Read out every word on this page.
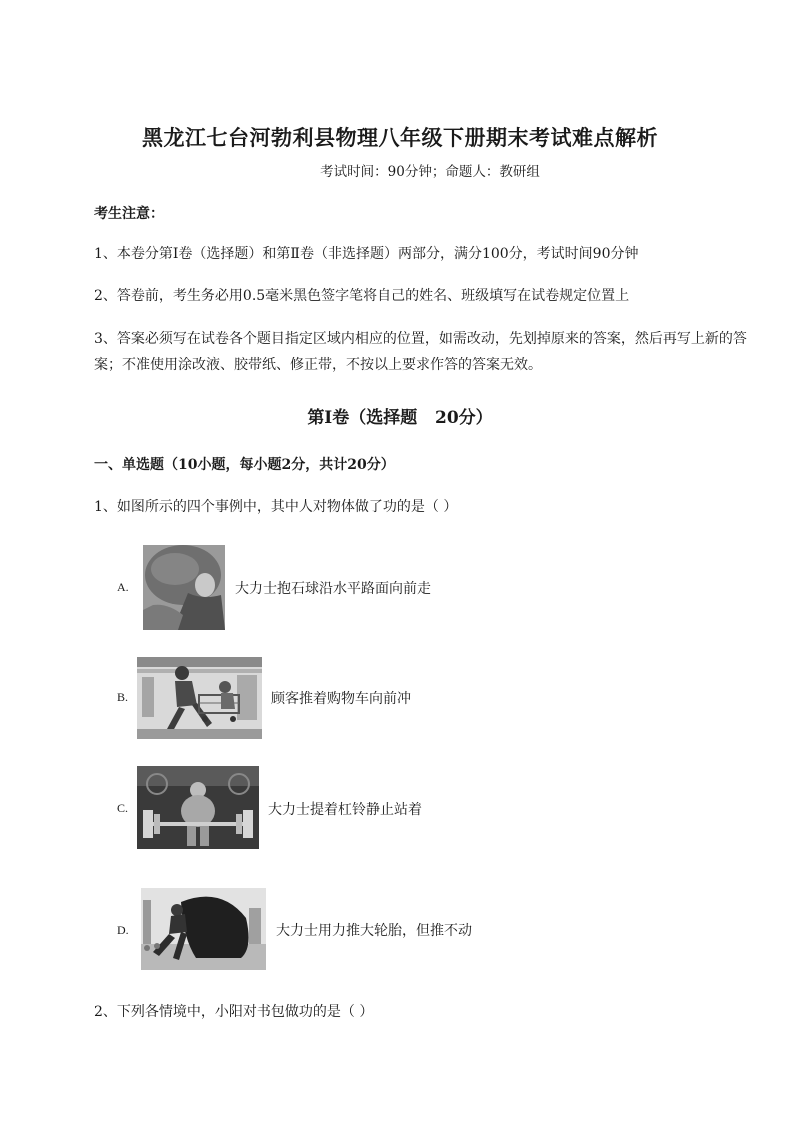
黑龙江七台河勃利县物理八年级下册期末考试难点解析
考试时间：90分钟；命题人：教研组
考生注意：
1、本卷分第Ⅰ卷（选择题）和第Ⅱ卷（非选择题）两部分，满分100分，考试时间90分钟
2、答卷前，考生务必用0.5毫米黑色签字笔将自己的姓名、班级填写在试卷规定位置上
3、答案必须写在试卷各个题目指定区域内相应的位置，如需改动，先划掉原来的答案，然后再写上新的答案；不准使用涂改液、胶带纸、修正带，不按以上要求作答的答案无效。
第Ⅰ卷（选择题   20分）
一、单选题（10小题，每小题2分，共计20分）
1、如图所示的四个事例中，其中人对物体做了功的是（ ）
A.	大力士抱石球沿水平路面向前走
B.	顾客推着购物车向前冲
C.	大力士提着杠铃静止站着
D.	大力士用力推大轮胎，但推不动
2、下列各情境中，小阳对书包做功的是（ ）
